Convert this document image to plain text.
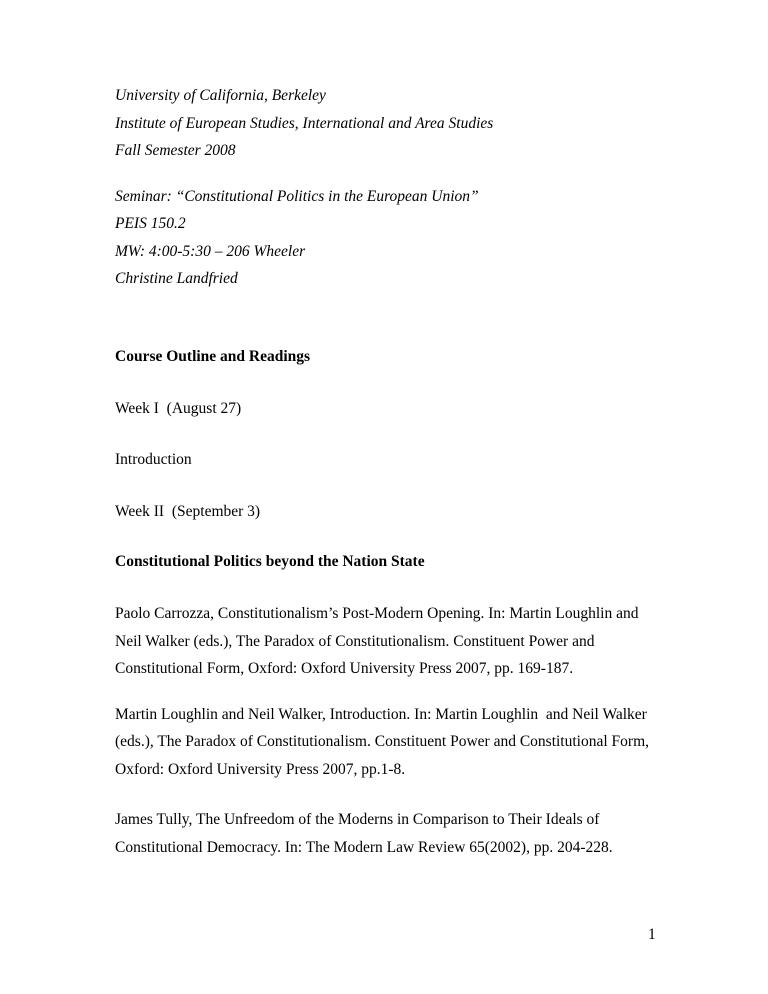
University of California, Berkeley

Institute of European Studies, International and Area Studies

Fall Semester 2008

Seminar: “Constitutional Politics in the European Union”

PEIS 150.2

MW: 4:00-5:30 – 206 Wheeler

Christine Landfried

Course Outline and Readings

Week I  (August 27)

Introduction

Week II  (September 3)

Constitutional Politics beyond the Nation State

Paolo Carrozza, Constitutionalism’s Post-Modern Opening. In: Martin Loughlin and Neil Walker (eds.), The Paradox of Constitutionalism. Constituent Power and Constitutional Form, Oxford: Oxford University Press 2007, pp. 169-187.

Martin Loughlin and Neil Walker, Introduction. In: Martin Loughlin  and Neil Walker (eds.), The Paradox of Constitutionalism. Constituent Power and Constitutional Form, Oxford: Oxford University Press 2007, pp.1-8.

James Tully, The Unfreedom of the Moderns in Comparison to Their Ideals of Constitutional Democracy. In: The Modern Law Review 65(2002), pp. 204-228.

1
